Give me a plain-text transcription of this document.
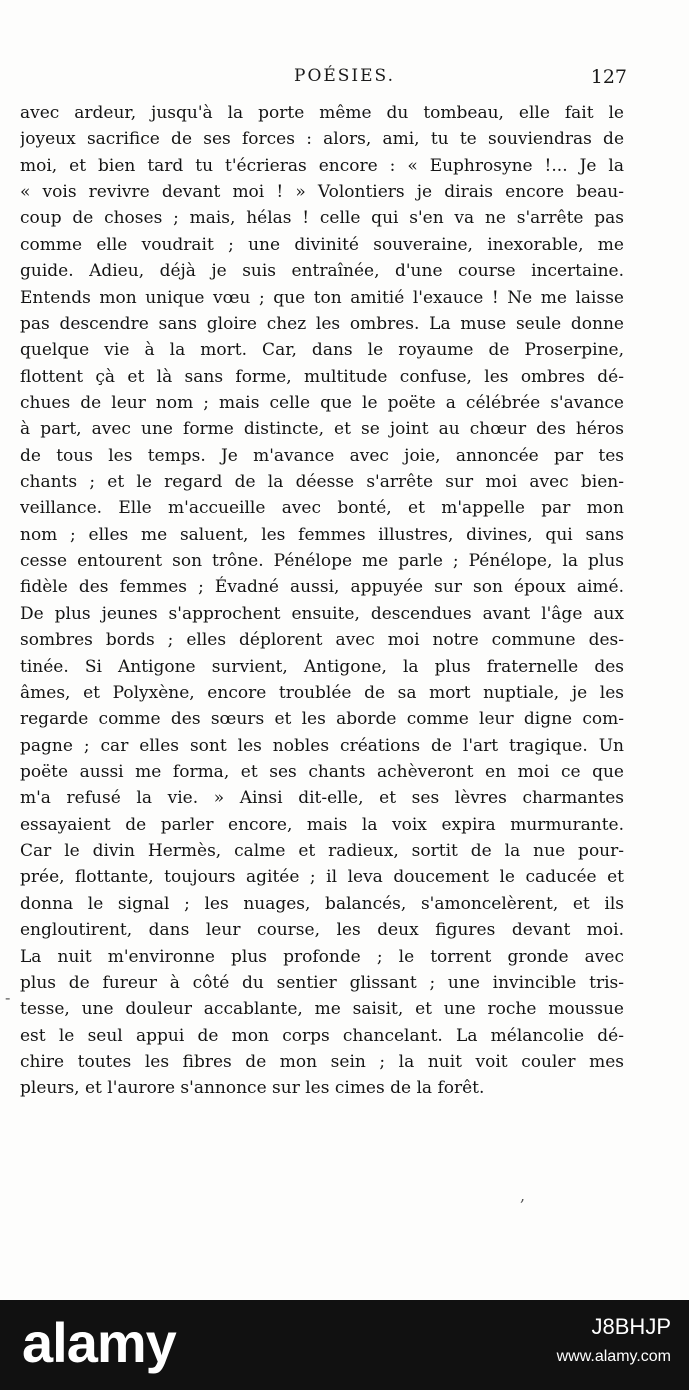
POÉSIES.	127
avec ardeur, jusqu'à la porte même du tombeau, elle fait le
joyeux sacrifice de ses forces : alors, ami, tu te souviendras de
moi, et bien tard tu t'écrieras encore : « Euphrosyne !... Je la
« vois revivre devant moi ! » Volontiers je dirais encore beau-
coup de choses ; mais, hélas ! celle qui s'en va ne s'arrête pas
comme elle voudrait ; une divinité souveraine, inexorable, me
guide. Adieu, déjà je suis entraînée, d'une course incertaine.
Entends mon unique vœu ; que ton amitié l'exauce ! Ne me laisse
pas descendre sans gloire chez les ombres. La muse seule donne
quelque vie à la mort. Car, dans le royaume de Proserpine,
flottent çà et là sans forme, multitude confuse, les ombres dé-
chues de leur nom ; mais celle que le poëte a célébrée s'avance
à part, avec une forme distincte, et se joint au chœur des héros
de tous les temps. Je m'avance avec joie, annoncée par tes
chants ; et le regard de la déesse s'arrête sur moi avec bien-
veillance. Elle m'accueille avec bonté, et m'appelle par mon
nom ; elles me saluent, les femmes illustres, divines, qui sans
cesse entourent son trône. Pénélope me parle ; Pénélope, la plus
fidèle des femmes ; Évadné aussi, appuyée sur son époux aimé.
De plus jeunes s'approchent ensuite, descendues avant l'âge aux
sombres bords ; elles déplorent avec moi notre commune des-
tinée. Si Antigone survient, Antigone, la plus fraternelle des
âmes, et Polyxène, encore troublée de sa mort nuptiale, je les
regarde comme des sœurs et les aborde comme leur digne com-
pagne ; car elles sont les nobles créations de l'art tragique. Un
poëte aussi me forma, et ses chants achèveront en moi ce que
m'a refusé la vie. » Ainsi dit-elle, et ses lèvres charmantes
essayaient de parler encore, mais la voix expira murmurante.
Car le divin Hermès, calme et radieux, sortit de la nue pour-
prée, flottante, toujours agitée ; il leva doucement le caducée et
donna le signal ; les nuages, balancés, s'amoncelèrent, et ils
engloutirent, dans leur course, les deux figures devant moi.
La nuit m'environne plus profonde ; le torrent gronde avec
plus de fureur à côté du sentier glissant ; une invincible tris-
tesse, une douleur accablante, me saisit, et une roche moussue
est le seul appui de mon corps chancelant. La mélancolie dé-
chire toutes les fibres de mon sein ; la nuit voit couler mes
pleurs, et l'aurore s'annonce sur les cimes de la forêt.
-
,
alamy	J8BHJP
www.alamy.com
